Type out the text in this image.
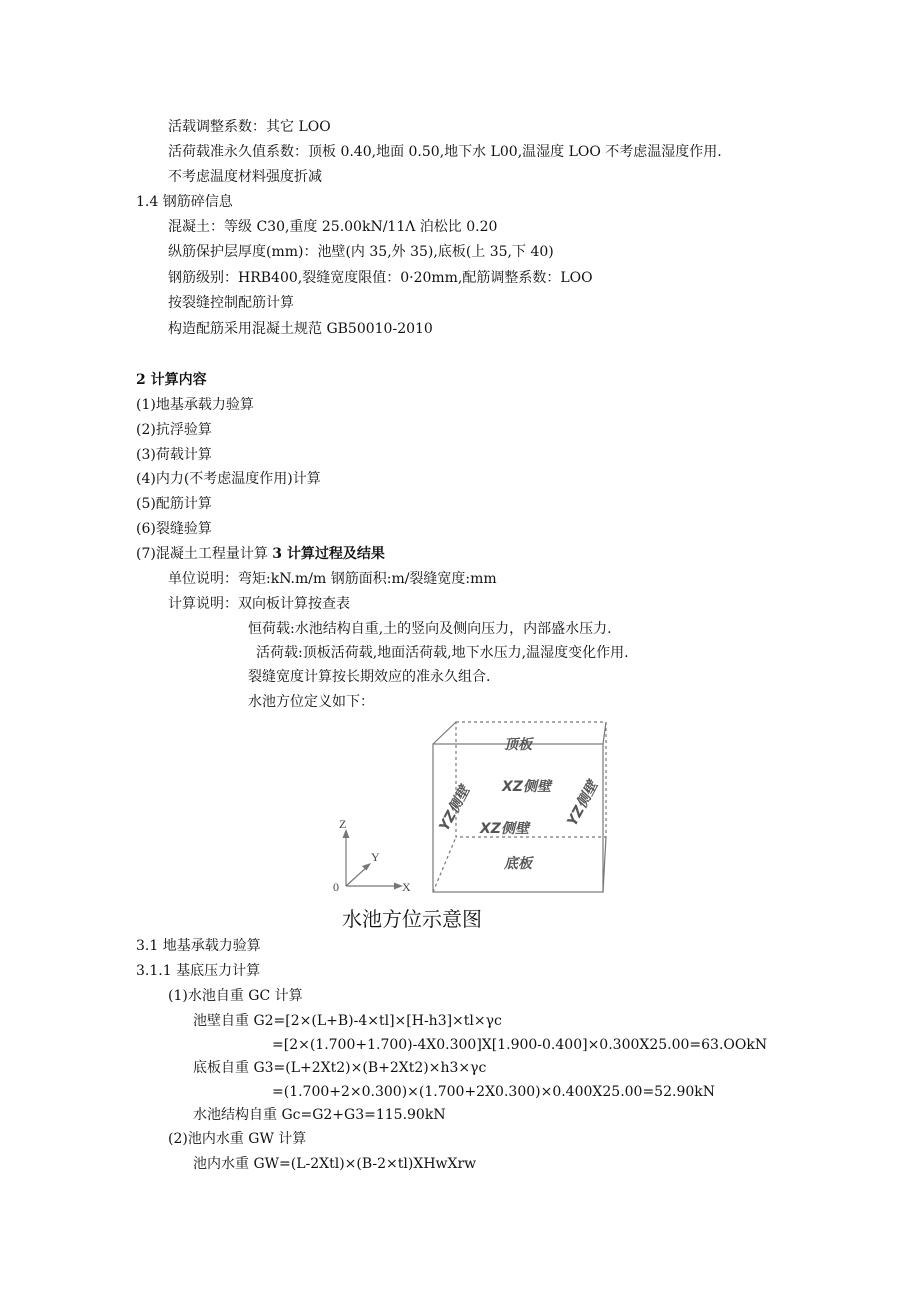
活载调整系数：其它 LOO
活荷载准永久值系数：顶板 0.40,地面 0.50,地下水 L00,温湿度 LOO 不考虑温湿度作用.
不考虑温度材料强度折减
1.4 钢筋碎信息
混凝土：等级 C30,重度 25.00kN/11Λ 泊松比 0.20
纵筋保护层厚度(mm)：池壁(内 35,外 35),底板(上 35,下 40)
钢筋级别：HRB400,裂缝宽度限值：0·20mm,配筋调整系数：LOO
按裂缝控制配筋计算
构造配筋采用混凝土规范 GB50010-2010
2 计算内容
(1)地基承载力验算
(2)抗浮验算
(3)荷载计算
(4)内力(不考虑温度作用)计算
(5)配筋计算
(6)裂缝验算
(7)混凝土工程量计算 3 计算过程及结果
单位说明：弯矩:kN.m/m 钢筋面积:m/裂缝宽度:mm
计算说明：双向板计算按查表
恒荷载:水池结构自重,土的竖向及侧向压力，内部盛水压力.
活荷载:顶板活荷载,地面活荷载,地下水压力,温湿度变化作用.
裂缝宽度计算按长期效应的准永久组合.
水池方位定义如下：
Z
Y
X
0
顶板
XZ侧壁
XZ侧壁
底板
YZ侧壁	YZ侧壁
水池方位示意图
3.1 地基承载力验算
3.1.1 基底压力计算
(1)水池自重 GC 计算
池壁自重 G2=[2×(L+B)-4×tl]×[H-h3]×tl×γc
=[2×(1.700+1.700)-4X0.300]X[1.900-0.400]×0.300X25.00=63.OOkN
底板自重 G3=(L+2Xt2)×(B+2Xt2)×h3×γc
=(1.700+2×0.300)×(1.700+2X0.300)×0.400X25.00=52.90kN
水池结构自重 Gc=G2+G3=115.90kN
(2)池内水重 GW 计算
池内水重 GW=(L-2Xtl)×(B-2×tl)XHwXrw
